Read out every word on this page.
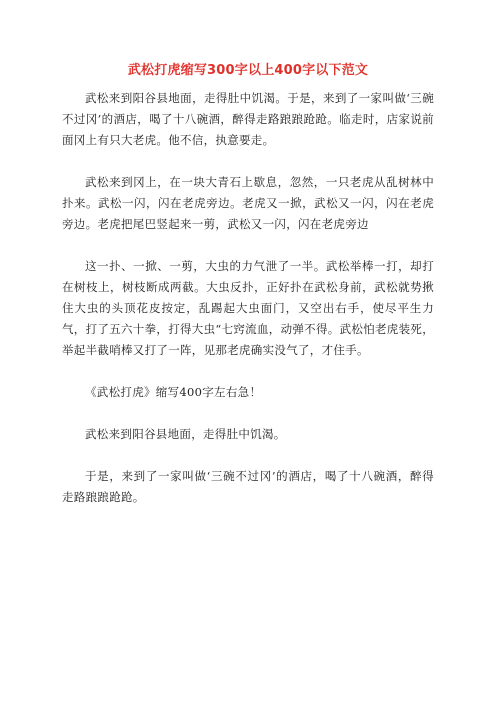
武松打虎缩写300字以上400字以下范文

武松来到阳谷县地面，走得肚中饥渴。于是，来到了一家叫做‘三碗不过冈’的酒店，喝了十八碗酒，醉得走路踉踉跄跄。临走时，店家说前面冈上有只大老虎。他不信，执意要走。

武松来到冈上，在一块大青石上歇息，忽然，一只老虎从乱树林中扑来。武松一闪，闪在老虎旁边。老虎又一掀，武松又一闪，闪在老虎旁边。老虎把尾巴竖起来一剪，武松又一闪，闪在老虎旁边

这一扑、一掀、一剪，大虫的力气泄了一半。武松举棒一打，却打在树枝上，树枝断成两截。大虫反扑，正好扑在武松身前，武松就势揪住大虫的头顶花皮按定，乱踢起大虫面门，又空出右手，使尽平生力气，打了五六十拳，打得大虫“七窍流血，动弹不得。武松怕老虎装死，举起半截哨棒又打了一阵，见那老虎确实没气了，才住手。

《武松打虎》缩写400字左右急！

武松来到阳谷县地面，走得肚中饥渴。

于是，来到了一家叫做‘三碗不过冈’的酒店，喝了十八碗酒，醉得走路踉踉跄跄。
